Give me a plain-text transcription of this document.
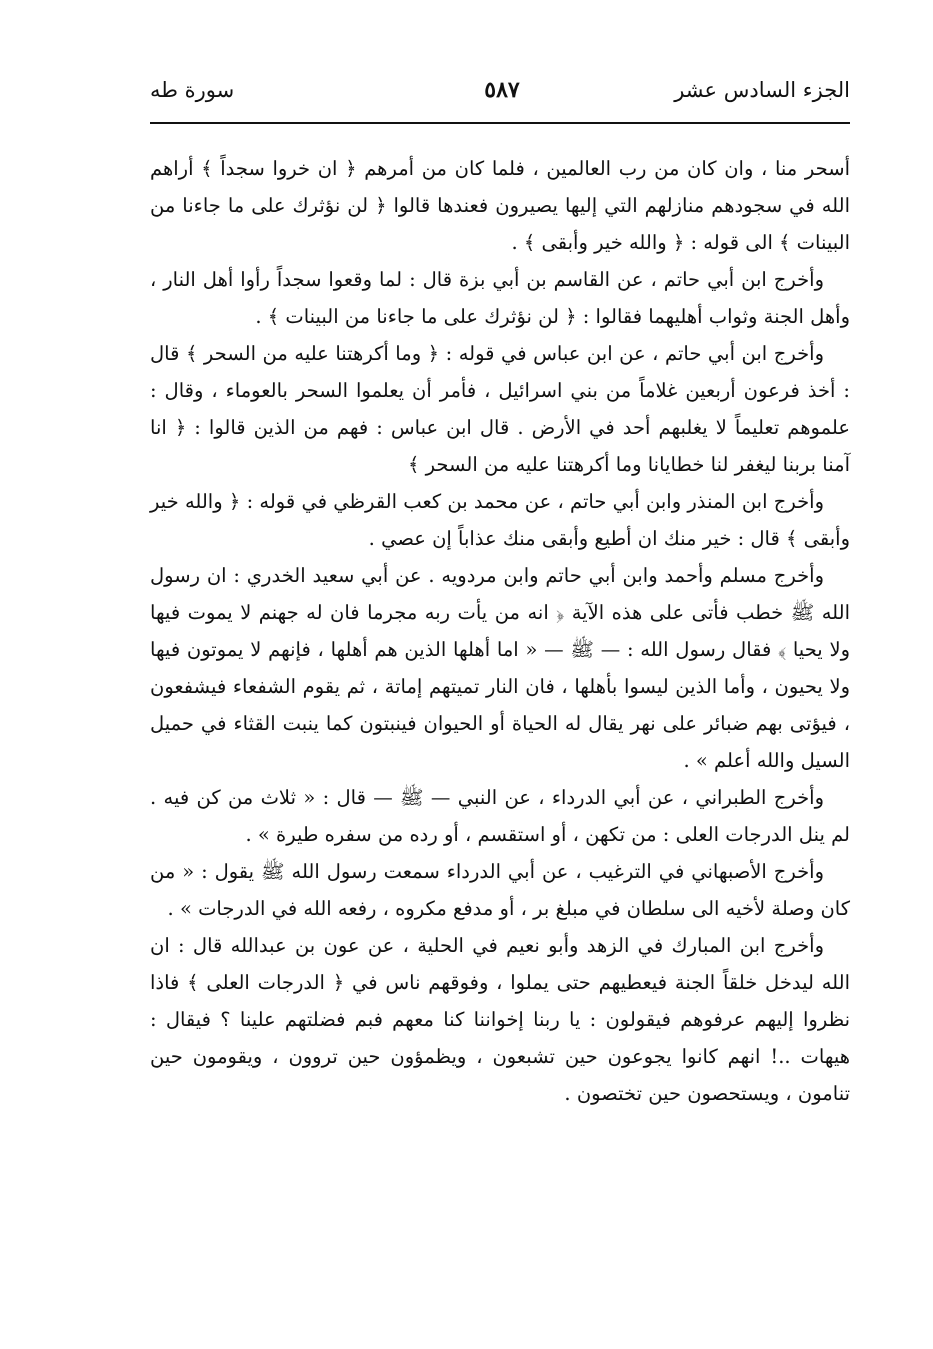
الجزء السادس عشر
٥٨٧
سورة طه

أسحر منا ، وان كان من رب العالمين ، فلما كان من أمرهم ﴿ ان خروا سجداً ﴾ أراهم الله في سجودهم منازلهم التي إليها يصيرون فعندها قالوا ﴿ لن نؤثرك على ما جاءنا من البينات ﴾ الى قوله : ﴿ والله خير وأبقى ﴾ .

وأخرج ابن أبي حاتم ، عن القاسم بن أبي بزة قال : لما وقعوا سجداً رأوا أهل النار ، وأهل الجنة وثواب أهليهما فقالوا : ﴿ لن نؤثرك على ما جاءنا من البينات ﴾ .

وأخرج ابن أبي حاتم ، عن ابن عباس في قوله : ﴿ وما أكرهتنا عليه من السحر ﴾ قال : أخذ فرعون أربعين غلاماً من بني اسرائيل ، فأمر أن يعلموا السحر بالعوماء ، وقال : علموهم تعليماً لا يغلبهم أحد في الأرض . قال ابن عباس : فهم من الذين قالوا : ﴿ انا آمنا بربنا ليغفر لنا خطايانا وما أكرهتنا عليه من السحر ﴾

وأخرج ابن المنذر وابن أبي حاتم ، عن محمد بن كعب القرظي في قوله : ﴿ والله خير وأبقى ﴾ قال : خير منك ان أطيع وأبقى منك عذاباً إن عصي .

وأخرج مسلم وأحمد وابن أبي حاتم وابن مردويه . عن أبي سعيد الخدري : ان رسول الله ﷺ خطب فأتى على هذه الآية ﴿ انه من يأت ربه مجرما فان له جهنم لا يموت فيها ولا يحيا ﴾ فقال رسول الله : — ﷺ — « اما أهلها الذين هم أهلها ، فإنهم لا يموتون فيها ولا يحيون ، وأما الذين ليسوا بأهلها ، فان النار تميتهم إماتة ، ثم يقوم الشفعاء فيشفعون ، فيؤتى بهم ضبائر على نهر يقال له الحياة أو الحيوان فينبتون كما ينبت القثاء في حميل السيل والله أعلم » .

وأخرج الطبراني ، عن أبي الدرداء ، عن النبي — ﷺ — قال : « ثلاث من كن فيه . لم ينل الدرجات العلى : من تكهن ، أو استقسم ، أو رده من سفره طيرة » .

وأخرج الأصبهاني في الترغيب ، عن أبي الدرداء سمعت رسول الله ﷺ يقول : « من كان وصلة لأخيه الى سلطان في مبلغ بر ، أو مدفع مكروه ، رفعه الله في الدرجات » .

وأخرج ابن المبارك في الزهد وأبو نعيم في الحلية ، عن عون بن عبدالله قال : ان الله ليدخل خلقاً الجنة فيعطيهم حتى يملوا ، وفوقهم ناس في ﴿ الدرجات العلى ﴾ فاذا نظروا إليهم عرفوهم فيقولون : يا ربنا إخواننا كنا معهم فبم فضلتهم علينا ؟ فيقال : هيهات ..! انهم كانوا يجوعون حين تشبعون ، ويظمؤون حين تروون ، ويقومون حين تنامون ، ويستحصون حين تختصون .
